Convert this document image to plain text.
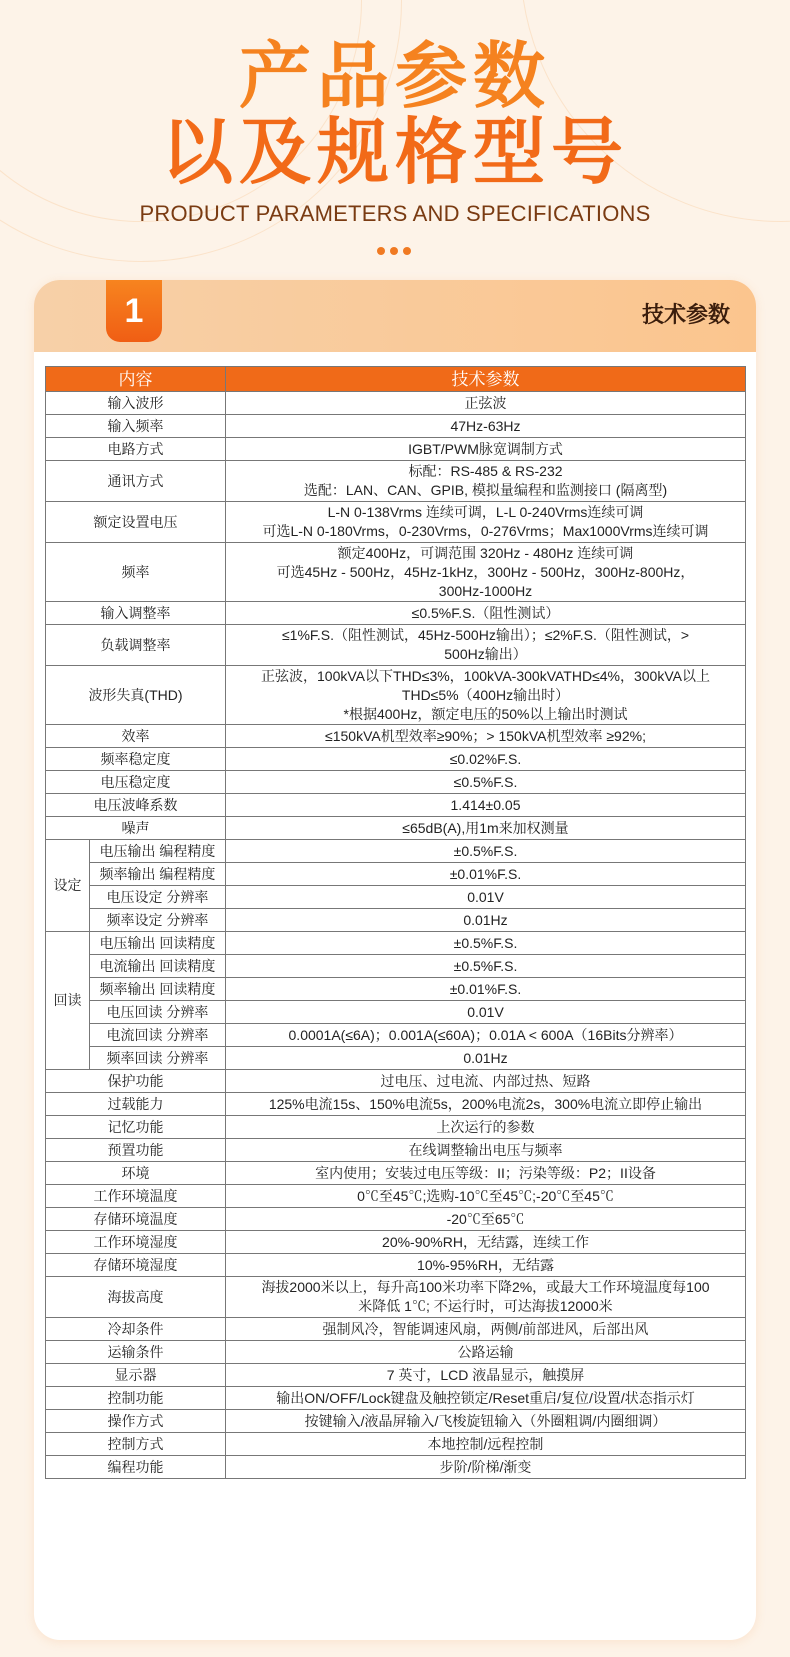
产品参数
以及规格型号
PRODUCT PARAMETERS AND SPECIFICATIONS
1	技术参数
内容		技术参数
输入波形		正弦波

输入频率		47Hz-63Hz

电路方式		IGBT/PWM脉宽调制方式

通讯方式		标配：RS-485 & RS-232
选配：LAN、CAN、GPIB, 模拟量编程和监测接口 (隔离型)

额定设置电压		L-N 0-138Vrms 连续可调，L-L 0-240Vrms连续可调
可选L-N 0-180Vrms，0-230Vrms，0-276Vrms；Max1000Vrms连续可调

频率		额定400Hz，可调范围 320Hz - 480Hz 连续可调
可选45Hz - 500Hz，45Hz-1kHz，300Hz - 500Hz，300Hz-800Hz，
300Hz-1000Hz

输入调整率		≤0.5%F.S.（阻性测试）

负载调整率		≤1%F.S.（阻性测试，45Hz-500Hz输出）；≤2%F.S.（阻性测试，>
500Hz输出）

波形失真(THD)		正弦波，100kVA以下THD≤3%，100kVA-300kVATHD≤4%，300kVA以上
THD≤5%（400Hz输出时）
*根据400Hz，额定电压的50%以上输出时测试

效率		≤150kVA机型效率≥90%；> 150kVA机型效率 ≥92%;

频率稳定度		≤0.02%F.S.

电压稳定度		≤0.5%F.S.

电压波峰系数		1.414±0.05

噪声		≤65dB(A),用1m来加权测量

设定	电压输出 编程精度	±0.5%F.S.
	频率输出 编程精度	±0.01%F.S.
	电压设定 分辨率	0.01V
	频率设定 分辨率	0.01Hz
回读	电压输出 回读精度	±0.5%F.S.
	电流输出 回读精度	±0.5%F.S.
	频率输出 回读精度	±0.01%F.S.
	电压回读 分辨率	0.01V
	电流回读 分辨率	0.0001A(≤6A)；0.001A(≤60A)；0.01A < 600A（16Bits分辨率）
	频率回读 分辨率	0.01Hz
保护功能		过电压、过电流、内部过热、短路

过载能力		125%电流15s、150%电流5s，200%电流2s，300%电流立即停止输出

记忆功能		上次运行的参数

预置功能		在线调整输出电压与频率

环境		室内使用；安装过电压等级：II；污染等级：P2；II设备

工作环境温度		0℃至45℃;选购-10℃至45℃;-20℃至45℃

存储环境温度		-20℃至65℃

工作环境湿度		20%-90%RH，无结露，连续工作

存储环境湿度		10%-95%RH，无结露

海拔高度		海拔2000米以上，每升高100米功率下降2%，或最大工作环境温度每100
米降低 1℃; 不运行时，可达海拔12000米

冷却条件		强制风冷，智能调速风扇，两侧/前部进风，后部出风

运输条件		公路运输

显示器		7 英寸，LCD 液晶显示，触摸屏

控制功能		输出ON/OFF/Lock键盘及触控锁定/Reset重启/复位/设置/状态指示灯

操作方式		按键输入/液晶屏输入/飞梭旋钮输入（外圈粗调/内圈细调）

控制方式		本地控制/远程控制

编程功能		步阶/阶梯/渐变
